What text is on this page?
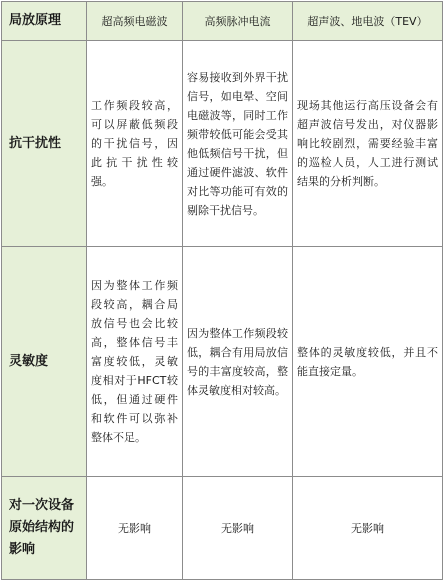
局放原理	超高频电磁波	高频脉冲电流	超声波、地电波（TEV）
抗干扰性	工作频段较高，可以屏蔽低频段的干扰信号，因此抗干扰性较强。	容易接收到外界干扰信号，如电晕、空间电磁波等，同时工作频带较低可能会受其他低频信号干扰，但通过硬件滤波、软件对比等功能可有效的剔除干扰信号。	现场其他运行高压设备会有超声波信号发出，对仪器影响比较剧烈，需要经验丰富的巡检人员，人工进行测试结果的分析判断。
灵敏度	因为整体工作频段较高，耦合局放信号也会比较高，整体信号丰富度较低，灵敏度相对于HFCT较低，但通过硬件和软件可以弥补整体不足。	因为整体工作频段较低，耦合有用局放信号的丰富度较高，整体灵敏度相对较高。	整体的灵敏度较低，并且不能直接定量。
对一次设备原始结构的影响	无影响	无影响	无影响
